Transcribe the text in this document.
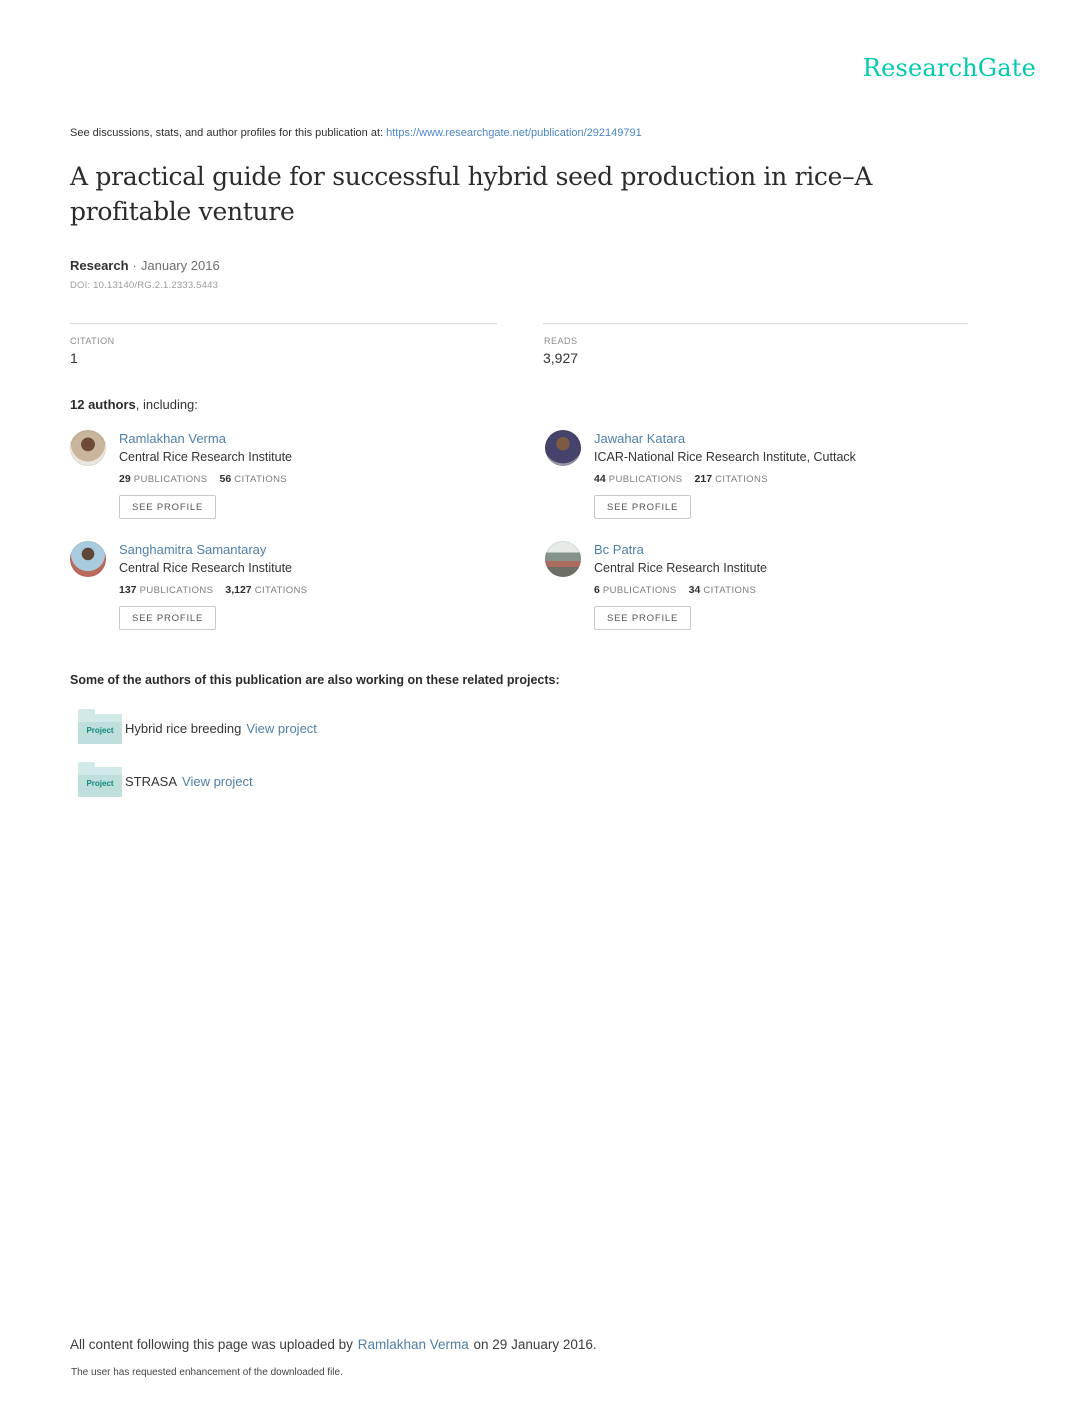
ResearchGate
See discussions, stats, and author profiles for this publication at: https://www.researchgate.net/publication/292149791
A practical guide for successful hybrid seed production in rice–A profitable venture
Research · January 2016
DOI: 10.13140/RG.2.1.2333.5443
CITATION
1
READS
3,927
12 authors, including:
Ramlakhan Verma
Central Rice Research Institute
29 PUBLICATIONS 56 CITATIONS
SEE PROFILE
Jawahar Katara
ICAR-National Rice Research Institute, Cuttack
44 PUBLICATIONS 217 CITATIONS
SEE PROFILE
Sanghamitra Samantaray
Central Rice Research Institute
137 PUBLICATIONS 3,127 CITATIONS
SEE PROFILE
Bc Patra
Central Rice Research Institute
6 PUBLICATIONS 34 CITATIONS
SEE PROFILE
Some of the authors of this publication are also working on these related projects:
Project Hybrid rice breeding View project
Project STRASA View project
All content following this page was uploaded by Ramlakhan Verma on 29 January 2016.
The user has requested enhancement of the downloaded file.
